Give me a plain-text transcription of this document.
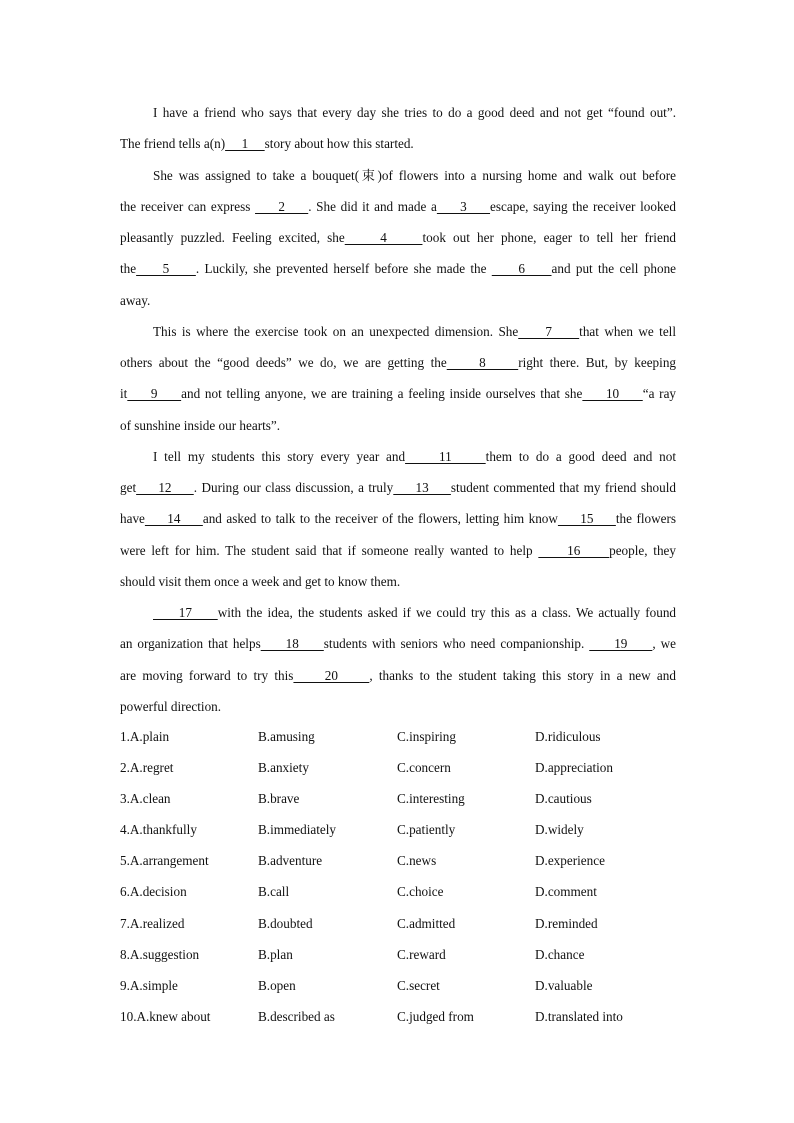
I have a friend who says that every day she tries to do a good deed and not get “found out”.
The friend tells a(n)     1     story about how this started.
She was assigned to take a bouquet(束)of flowers into a nursing home and walk out before
the receiver can express      2     . She did it and made a     3     escape, saying the receiver looked
pleasantly puzzled. Feeling excited, she     4     took out her phone, eager to tell her friend
the     5     . Luckily, she prevented herself before she made the      6     and put the cell phone
away.
This is where the exercise took on an unexpected dimension. She     7     that when we tell
others about the “good deeds” we do, we are getting the     8     right there. But, by keeping
it     9     and not telling anyone, we are training a feeling inside ourselves that she     10     “a ray
of sunshine inside our hearts”.
I tell my students this story every year and     11     them to do a good deed and not
get     12     . During our class discussion, a truly     13     student commented that my friend should
have     14     and asked to talk to the receiver of the flowers, letting him know     15     the flowers
were left for him. The student said that if someone really wanted to help      16     people, they
should visit them once a week and get to know them.
17     with the idea, the students asked if we could try this as a class. We actually found
an organization that helps     18     students with seniors who need companionship.      19     , we
are moving forward to try this     20     , thanks to the student taking this story in a new and
powerful direction.
1.A.plain	B.amusing	C.inspiring	D.ridiculous
2.A.regret	B.anxiety	C.concern	D.appreciation
3.A.clean	B.brave	C.interesting	D.cautious
4.A.thankfully	B.immediately	C.patiently	D.widely
5.A.arrangement	B.adventure	C.news	D.experience
6.A.decision	B.call	C.choice	D.comment
7.A.realized	B.doubted	C.admitted	D.reminded
8.A.suggestion	B.plan	C.reward	D.chance
9.A.simple	B.open	C.secret	D.valuable
10.A.knew about	B.described as	C.judged from	D.translated into
